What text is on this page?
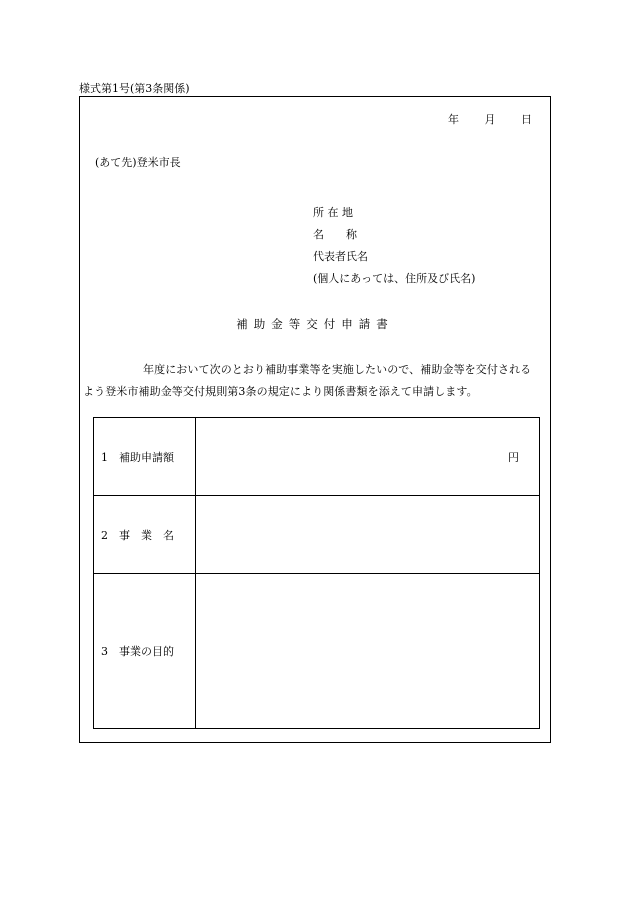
様式第1号(第3条関係)
年 月 日
(あて先)登米市長
所 在 地
名　　称
代表者氏名
(個人にあっては、住所及び氏名)
補助金等交付申請書
年度において次のとおり補助事業等を実施したいので、補助金等を交付される
よう登米市補助金等交付規則第3条の規定により関係書類を添えて申請します。
1　補助申請額	円

2　事　業　名	
3　事業の目的	
